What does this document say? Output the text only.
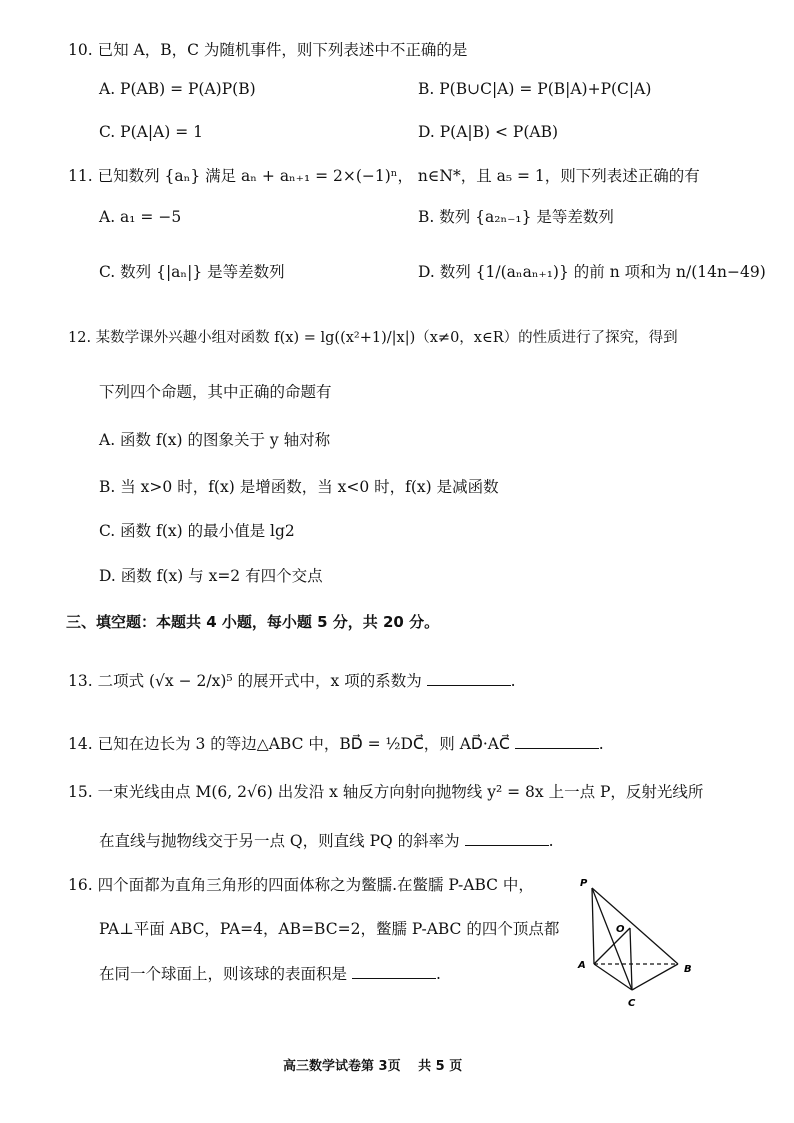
10. 已知 A，B，C 为随机事件，则下列表述中不正确的是
A. P(AB) = P(A)P(B)	B. P(B∪C|A) = P(B|A)+P(C|A)
C. P(A|A) = 1	D. P(A|B) < P(AB)
11. 已知数列 {aₙ} 满足 aₙ + aₙ₊₁ = 2×(−1)ⁿ， n∈N*，且 a₅ = 1，则下列表述正确的有
A. a₁ = −5	B. 数列 {a₂ₙ₋₁} 是等差数列
C. 数列 {|aₙ|} 是等差数列	D. 数列 {1/(aₙaₙ₊₁)} 的前 n 项和为 n/(14n−49)
12. 某数学课外兴趣小组对函数 f(x) = lg((x²+1)/|x|)（x≠0，x∈R）的性质进行了探究，得到
下列四个命题，其中正确的命题有
A. 函数 f(x) 的图象关于 y 轴对称
B. 当 x>0 时，f(x) 是增函数，当 x<0 时，f(x) 是减函数
C. 函数 f(x) 的最小值是 lg2
D. 函数 f(x) 与 x=2 有四个交点
三、填空题：本题共 4 小题，每小题 5 分，共 20 分。
13. 二项式 (√x − 2/x)⁵ 的展开式中，x 项的系数为	.
14. 已知在边长为 3 的等边△ABC 中，BD⃗ = ½DC⃗，则 AD⃗·AC⃗	.
15. 一束光线由点 M(6, 2√6) 出发沿 x 轴反方向射向抛物线 y² = 8x 上一点 P，反射光线所
在直线与抛物线交于另一点 Q，则直线 PQ 的斜率为	.
16. 四个面都为直角三角形的四面体称之为鳖臑.在鳖臑 P-ABC 中，
PA⊥平面 ABC，PA=4，AB=BC=2，鳖臑 P-ABC 的四个顶点都
在同一个球面上，则该球的表面积是	.
P
O
A	B
C
高三数学试卷第 3页　 共 5 页
